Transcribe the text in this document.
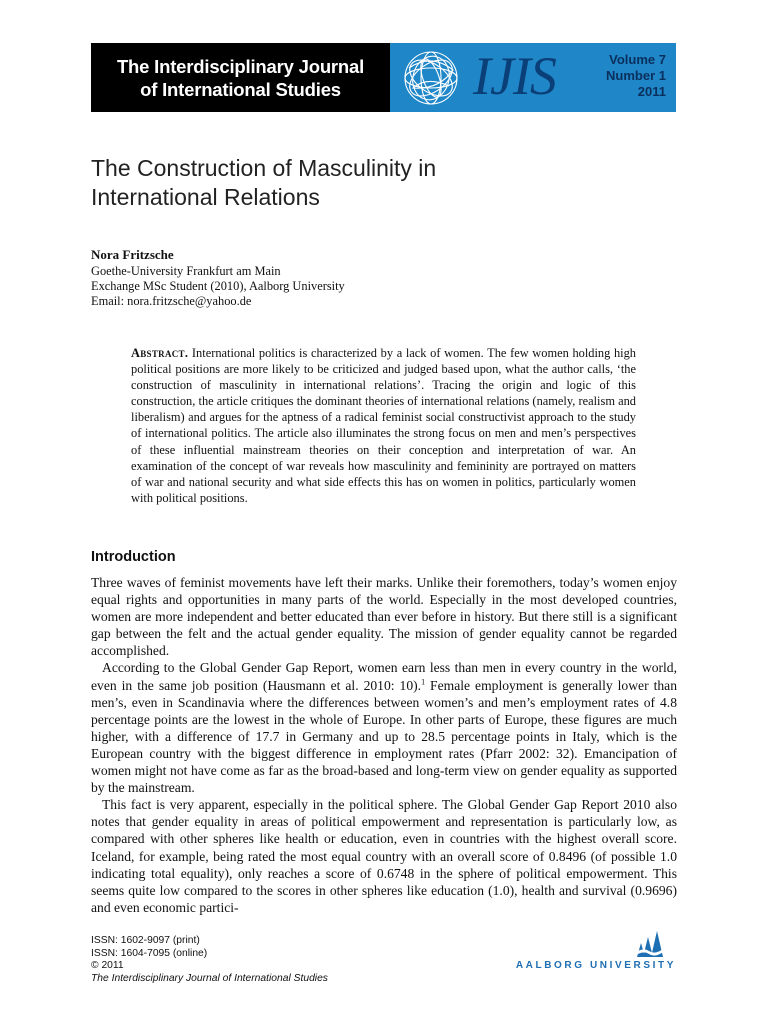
The Interdisciplinary Journal
of International Studies IJIS	Volume 7
Number 1
2011
The Construction of Masculinity in
International Relations
Nora Fritzsche
Goethe-University Frankfurt am Main
Exchange MSc Student (2010), Aalborg University
Email: nora.fritzsche@yahoo.de
Abstract. International politics is characterized by a lack of women. The few women holding high political positions are more likely to be criticized and judged based upon, what the author calls, ‘the construction of masculinity in international relations’. Tracing the origin and logic of this construction, the article critiques the dominant theories of international relations (namely, realism and liberalism) and argues for the aptness of a radical feminist social constructivist approach to the study of international politics. The article also illuminates the strong focus on men and men’s perspectives of these influential mainstream theories on their conception and interpretation of war. An examination of the concept of war reveals how masculinity and femininity are portrayed on matters of war and national security and what side effects this has on women in politics, particularly women with political positions.
Introduction

Three waves of feminist movements have left their marks. Unlike their foremothers, today’s women enjoy equal rights and opportunities in many parts of the world. Especially in the most developed countries, women are more independent and better educated than ever before in history. But there still is a significant gap between the felt and the actual gender equality. The mission of gender equality cannot be regarded accomplished.

According to the Global Gender Gap Report, women earn less than men in every country in the world, even in the same job position (Hausmann et al. 2010: 10).$^1$ Female employment is generally lower than men’s, even in Scandinavia where the differences between women’s and men’s employment rates of 4.8 percentage points are the lowest in the whole of Europe. In other parts of Europe, these figures are much higher, with a difference of 17.7 in Germany and up to 28.5 percentage points in Italy, which is the European country with the biggest difference in employment rates (Pfarr 2002: 32). Emancipation of women might not have come as far as the broad-based and long-term view on gender equality as supported by the mainstream.

This fact is very apparent, especially in the political sphere. The Global Gender Gap Report 2010 also notes that gender equality in areas of political empowerment and representation is particularly low, as compared with other spheres like health or education, even in countries with the highest overall score. Iceland, for example, being rated the most equal country with an overall score of 0.8496 (of possible 1.0 indicating total equality), only reaches a score of 0.6748 in the sphere of political empowerment. This seems quite low compared to the scores in other spheres like education (1.0), health and survival (0.9696) and even economic partici-

ISSN: 1602-9097 (print)
ISSN: 1604-7095 (online)
© 2011
The Interdisciplinary Journal of International Studies
AALBORG UNIVERSITY
